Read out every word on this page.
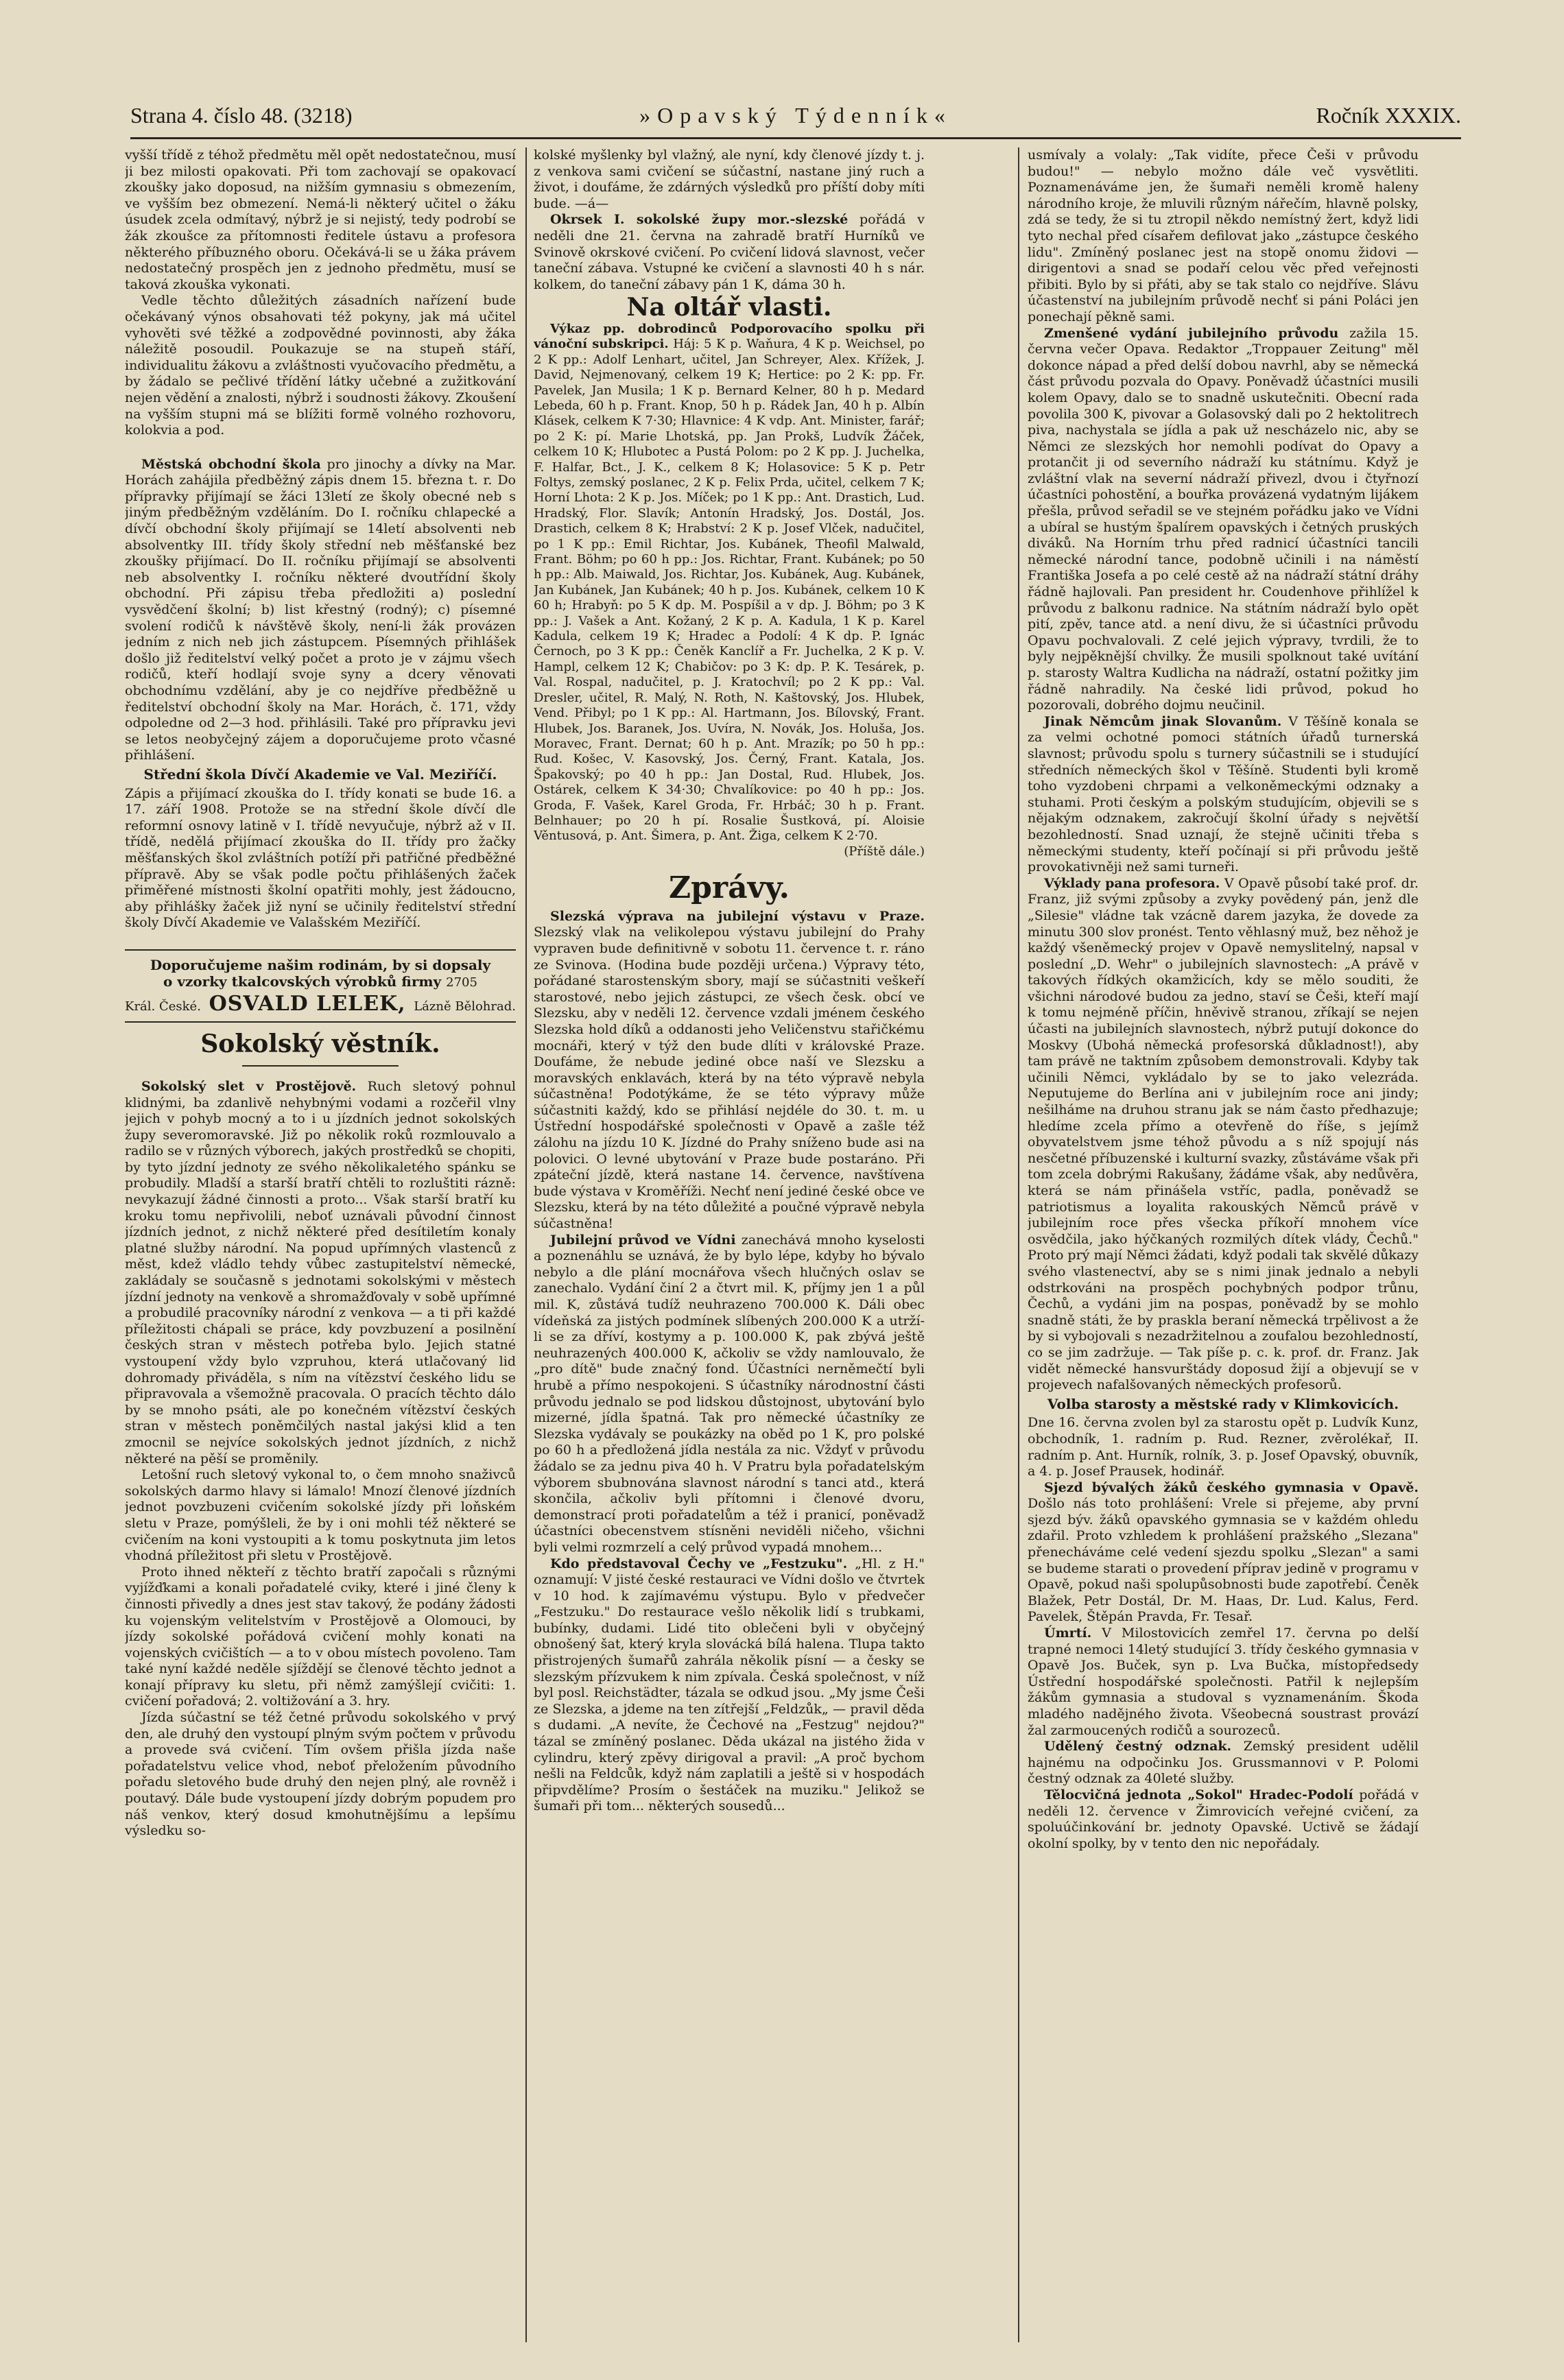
Strana 4. číslo 48. (3218)	»Opavský Týdenník«	Ročník XXXIX.

vyšší třídě z téhož předmětu měl opět nedostatečnou, musí ji bez milosti opakovati. Při tom zachovají se opakovací zkoušky jako doposud, na nižším gymnasiu s obmezením, ve vyšším bez obmezení. Nemá-li některý učitel o žáku úsudek zcela odmítavý, nýbrž je si nejistý, tedy podrobí se žák zkoušce za přítomnosti ředitele ústavu a profesora některého příbuzného oboru. Očekává-li se u žáka právem nedostatečný prospěch jen z jednoho předmětu, musí se taková zkouška vykonati.

Vedle těchto důležitých zásadních nařízení bude očekávaný výnos obsahovati též pokyny, jak má učitel vyhověti své těžké a zodpovědné povinnosti, aby žáka náležitě posoudil. Poukazuje se na stupeň stáří, individualitu žákovu a zvláštnosti vyučovacího předmětu, a by žádalo se pečlivé třídění látky učebné a zužitkování nejen vědění a znalosti, nýbrž i soudnosti žákovy. Zkoušení na vyšším stupni má se blížiti formě volného rozhovoru, kolokvia a pod.

Městská obchodní škola pro jinochy a dívky na Mar. Horách zahájila předběžný zápis dnem 15. března t. r. Do přípravky přijímají se žáci 13letí ze školy obecné neb s jiným předběžným vzděláním. Do I. ročníku chlapecké a dívčí obchodní školy přijímají se 14letí absolventi neb absolventky III. třídy školy střední neb měšťanské bez zkoušky přijímací. Do II. ročníku přijímají se absolventi neb absolventky I. ročníku některé dvoutřídní školy obchodní. Při zápisu třeba předložiti a) poslední vysvědčení školní; b) list křestný (rodný); c) písemné svolení rodičů k návštěvě školy, není-li žák provázen jedním z nich neb jich zástupcem. Písemných přihlášek došlo již ředitelství velký počet a proto je v zájmu všech rodičů, kteří hodlají svoje syny a dcery věnovati obchodnímu vzdělání, aby je co nejdříve předběžně u ředitelství obchodní školy na Mar. Horách, č. 171, vždy odpoledne od 2—3 hod. přihlásili. Také pro přípravku jevi se letos neobyčejný zájem a doporučujeme proto včasné přihlášení.

Střední škola Dívčí Akademie ve Val. Meziříčí.

Zápis a přijímací zkouška do I. třídy konati se bude 16. a 17. září 1908. Protože se na střední škole dívčí dle reformní osnovy latině v I. třídě nevyučuje, nýbrž až v II. třídě, nedělá přijímací zkouška do II. třídy pro žačky měšťanských škol zvláštních potíží při patřičné předběžné přípravě. Aby se však podle počtu přihlášených žaček přiměřené místnosti školní opatřiti mohly, jest žádoucno, aby přihlášky žaček již nyní se učinily ředitelství střední školy Dívčí Akademie ve Valašském Meziříčí.

Doporučujeme našim rodinám, by si dopsaly
o vzorky tkalcovských výrobků firmy 2705
Král. České. OSVALD LELEK, Lázně Bělohrad.
Sokolský věstník.

Sokolský slet v Prostějově. Ruch sletový pohnul klidnými, ba zdanlivě nehybnými vodami a rozčeřil vlny jejich v pohyb mocný a to i u jízdních jednot sokolských župy severomoravské. Již po několik roků rozmlouvalo a radilo se v různých výborech, jakých prostředků se chopiti, by tyto jízdní jednoty ze svého několikaletého spánku se probudily. Mladší a starší bratří chtěli to rozluštiti rázně: nevykazují žádné činnosti a proto... Však starší bratří ku kroku tomu nepřivolili, neboť uznávali původní činnost jízdních jednot, z nichž některé před desítiletím konaly platné služby národní. Na popud upřímných vlastenců z měst, kdež vládlo tehdy vůbec zastupitelství německé, zakládaly se současně s jednotami sokolskými v městech jízdní jednoty na venkově a shromažďovaly v sobě upřímné a probudilé pracovníky národní z venkova — a ti při každé příležitosti chápali se práce, kdy povzbuzení a posilnění českých stran v městech potřeba bylo. Jejich statné vystoupení vždy bylo vzpruhou, která utlačovaný lid dohromady přiváděla, s ním na vítězství českého lidu se připravovala a všemožně pracovala. O pracích těchto dálo by se mnoho psáti, ale po konečném vítězství českých stran v městech poněmčilých nastal jakýsi klid a ten zmocnil se nejvíce sokolských jednot jízdních, z nichž některé na pěší se proměnily.

Letošní ruch sletový vykonal to, o čem mnoho snaživců sokolských darmo hlavy si lámalo! Mnozí členové jízdních jednot povzbuzeni cvičením sokolské jízdy při loňském sletu v Praze, pomýšleli, že by i oni mohli též některé se cvičením na koni vystoupiti a k tomu poskytnuta jim letos vhodná příležitost při sletu v Prostějově.

Proto ihned někteří z těchto bratří započali s různými vyjížďkami a konali pořadatelé cviky, které i jiné členy k činnosti přivedly a dnes jest stav takový, že podány žádosti ku vojenským velitelstvím v Prostějově a Olomouci, by jízdy sokolské pořádová cvičení mohly konati na vojenských cvičištích — a to v obou místech povoleno. Tam také nyní každé neděle sjíždějí se členové těchto jednot a konají přípravy ku sletu, při němž zamýšlejí cvičiti: 1. cvičení pořadová; 2. voltižování a 3. hry.

Jízda súčastní se též četné průvodu sokolského v prvý den, ale druhý den vystoupí plným svým počtem v průvodu a provede svá cvičení. Tím ovšem přišla jízda naše pořadatelstvu velice vhod, neboť přeložením původního pořadu sletového bude druhý den nejen plný, ale rovněž i poutavý. Dále bude vystoupení jízdy dobrým popudem pro náš venkov, který dosud kmohutnějšímu a lepšímu výsledku so-

kolské myšlenky byl vlažný, ale nyní, kdy členové jízdy t. j. z venkova sami cvičení se súčastní, nastane jiný ruch a život, i doufáme, že zdárných výsledků pro příští doby míti bude. —á—

Okrsek I. sokolské župy mor.-slezské pořádá v neděli dne 21. června na zahradě bratří Hurníků ve Svinově okrskové cvičení. Po cvičení lidová slavnost, večer taneční zábava. Vstupné ke cvičení a slavnosti 40 h s nár. kolkem, do taneční zábavy pán 1 K, dáma 30 h.

Na oltář vlasti.

Výkaz pp. dobrodinců Podporovacího spolku při vánoční subskripci. Háj: 5 K p. Waňura, 4 K p. Weichsel, po 2 K pp.: Adolf Lenhart, učitel, Jan Schreyer, Alex. Křížek, J. David, Nejmenovaný, celkem 19 K; Hertice: po 2 K: pp. Fr. Pavelek, Jan Musila; 1 K p. Bernard Kelner, 80 h p. Medard Lebeda, 60 h p. Frant. Knop, 50 h p. Rádek Jan, 40 h p. Albín Klásek, celkem K 7·30; Hlavnice: 4 K vdp. Ant. Minister, farář; po 2 K: pí. Marie Lhotská, pp. Jan Prokš, Ludvík Žáček, celkem 10 K; Hlubotec a Pustá Polom: po 2 K pp. J. Juchelka, F. Halfar, Bct., J. K., celkem 8 K; Holasovice: 5 K p. Petr Foltys, zemský poslanec, 2 K p. Felix Prda, učitel, celkem 7 K; Horní Lhota: 2 K p. Jos. Míček; po 1 K pp.: Ant. Drastich, Lud. Hradský, Flor. Slavík; Antonín Hradský, Jos. Dostál, Jos. Drastich, celkem 8 K; Hrabství: 2 K p. Josef Vlček, nadučitel, po 1 K pp.: Emil Richtar, Jos. Kubánek, Theofil Malwald, Frant. Böhm; po 60 h pp.: Jos. Richtar, Frant. Kubánek; po 50 h pp.: Alb. Maiwald, Jos. Richtar, Jos. Kubánek, Aug. Kubánek, Jan Kubánek, Jan Kubánek; 40 h p. Jos. Kubánek, celkem 10 K 60 h; Hrabyň: po 5 K dp. M. Pospíšil a v dp. J. Böhm; po 3 K pp.: J. Vašek a Ant. Kožaný, 2 K p. A. Kadula, 1 K p. Karel Kadula, celkem 19 K; Hradec a Podolí: 4 K dp. P. Ignác Černoch, po 3 K pp.: Čeněk Kanclíř a Fr. Juchelka, 2 K p. V. Hampl, celkem 12 K; Chabičov: po 3 K: dp. P. K. Tesárek, p. Val. Rospal, nadučitel, p. J. Kratochvíl; po 2 K pp.: Val. Dresler, učitel, R. Malý, N. Roth, N. Kaštovský, Jos. Hlubek, Vend. Přibyl; po 1 K pp.: Al. Hartmann, Jos. Bílovský, Frant. Hlubek, Jos. Baranek, Jos. Uvíra, N. Novák, Jos. Holuša, Jos. Moravec, Frant. Dernat; 60 h p. Ant. Mrazík; po 50 h pp.: Rud. Košec, V. Kasovský, Jos. Černý, Frant. Katala, Jos. Špakovský; po 40 h pp.: Jan Dostal, Rud. Hlubek, Jos. Ostárek, celkem K 34·30; Chvalíkovice: po 40 h pp.: Jos. Groda, F. Vašek, Karel Groda, Fr. Hrbáč; 30 h p. Frant. Belnhauer; po 20 h pí. Rosalie Šustková, pí. Aloisie Věntusová, p. Ant. Šimera, p. Ant. Žiga, celkem K 2·70.

(Příště dále.)
Zprávy.

Slezská výprava na jubilejní výstavu v Praze. Slezský vlak na velikolepou výstavu jubilejní do Prahy vypraven bude definitivně v sobotu 11. července t. r. ráno ze Svinova. (Hodina bude později určena.) Výpravy této, pořádané starostenským sbory, mají se súčastniti veškeří starostové, nebo jejich zástupci, ze všech česk. obcí ve Slezsku, aby v neděli 12. července vzdali jménem českého Slezska hold díků a oddanosti jeho Veličenstvu stařičkému mocnáři, který v týž den bude dlíti v královské Praze. Doufáme, že nebude jediné obce naší ve Slezsku a moravských enklavách, která by na této výpravě nebyla súčastněna! Podotýkáme, že se této výpravy může súčastniti každý, kdo se přihlásí nejdéle do 30. t. m. u Ústřední hospodářské společnosti v Opavě a zašle též zálohu na jízdu 10 K. Jízdné do Prahy sníženo bude asi na polovici. O levné ubytování v Praze bude postaráno. Při zpáteční jízdě, která nastane 14. července, navštívena bude výstava v Kroměříži. Nechť není jediné české obce ve Slezsku, která by na této důležité a poučné výpravě nebyla súčastněna!

Jubilejní průvod ve Vídni zanechává mnoho kyselosti a poznenáhlu se uznává, že by bylo lépe, kdyby ho bývalo nebylo a dle plání mocnářova všech hlučných oslav se zanechalo. Vydání činí 2 a čtvrt mil. K, příjmy jen 1 a půl mil. K, zůstává tudíž neuhrazeno 700.000 K. Dáli obec vídeňská za jistých podmínek slíbených 200.000 K a utrží-li se za dříví, kostymy a p. 100.000 K, pak zbývá ještě neuhrazených 400.000 K, ačkoliv se vždy namlouvalo, že „pro dítě" bude značný fond. Účastníci nerněmečtí byli hrubě a přímo nespokojeni. S účastníky národnostní části průvodu jednalo se pod lidskou důstojnost, ubytování bylo mizerné, jídla špatná. Tak pro německé účastníky ze Slezska vydávaly se poukázky na oběd po 1 K, pro polské po 60 h a předložená jídla nestála za nic. Vždyť v průvodu žádalo se za jednu piva 40 h. V Pratru byla pořadatelským výborem sbubnována slavnost národní s tanci atd., která skončila, ačkoliv byli přítomni i členové dvoru, demonstrací proti pořadatelům a též i pranicí, poněvadž účastníci obecenstvem stísněni neviděli ničeho, všichni byli velmi rozmrzelí a celý průvod vypadá mnohem...

Kdo představoval Čechy ve „Festzuku". „Hl. z H." oznamují: V jisté české restauraci ve Vídni došlo ve čtvrtek v 10 hod. k zajímavému výstupu. Bylo v předvečer „Festzuku." Do restaurace vešlo několik lidí s trubkami, bubínky, dudami. Lidé tito oblečeni byli v obyčejný obnošený šat, který kryla slovácká bílá halena. Tlupa takto přistrojených šumařů zahrála několik písní — a česky se slezským přízvukem k nim zpívala. Česká společnost, v níž byl posl. Reichstädter, tázala se odkud jsou. „My jsme Češi ze Slezska, a jdeme na ten zítřejší „Feldzůk„ — pravil děda s dudami. „A nevíte, že Čechové na „Festzug" nejdou?" tázal se zmíněný poslanec. Děda ukázal na jistého žida v cylindru, který zpěvy dirigoval a pravil: „A proč bychom nešli na Feldcůk, když nám zaplatili a ještě si v hospodách připvdělíme? Prosím o šestáček na muziku." Jelikož se šumaři při tom... některých sousedů...

usmívaly a volaly: „Tak vidíte, přece Češi v průvodu budou!" — nebylo možno dále več vysvětliti. Poznamenáváme jen, že šumaři neměli kromě haleny národního kroje, že mluvili různým nářečím, hlavně polsky, zdá se tedy, že si tu ztropil někdo nemístný žert, když lidi tyto nechal před císařem defilovat jako „zástupce českého lidu". Zmíněný poslanec jest na stopě onomu židovi — dirigentovi a snad se podaří celou věc před veřejnosti přibiti. Bylo by si přáti, aby se tak stalo co nejdříve. Slávu účastenství na jubilejním průvodě nechť si páni Poláci jen ponechají pěkně sami.

Zmenšené vydání jubilejního průvodu zažila 15. června večer Opava. Redaktor „Troppauer Zeitung" měl dokonce nápad a před delší dobou navrhl, aby se německá část průvodu pozvala do Opavy. Poněvadž účastníci musili kolem Opavy, dalo se to snadně uskutečniti. Obecní rada povolila 300 K, pivovar a Golasovský dali po 2 hektolitrech piva, nachystala se jídla a pak už nescházelo nic, aby se Němci ze slezských hor nemohli podívat do Opavy a protančit ji od severního nádraží ku státnímu. Když je zvláštní vlak na severní nádraží přivezl, dvou i čtyřnozí účastníci pohostění, a bouřka provázená vydatným lijákem přešla, průvod seřadil se ve stejném pořádku jako ve Vídni a ubíral se hustým špalírem opavských i četných pruských diváků. Na Horním trhu před radnicí účastníci tancili německé národní tance, podobně učinili i na náměstí Františka Josefa a po celé cestě až na nádraží státní dráhy řádně hajlovali. Pan president hr. Coudenhove přihlížel k průvodu z balkonu radnice. Na státním nádraží bylo opět pití, zpěv, tance atd. a není divu, že si účastníci průvodu Opavu pochvalovali. Z celé jejich výpravy, tvrdili, že to byly nejpěknější chvilky. Že musili spolknout také uvítání p. starosty Waltra Kudlicha na nádraží, ostatní požitky jim řádně nahradily. Na české lidi průvod, pokud ho pozorovali, dobrého dojmu neučinil.

Jinak Němcům jinak Slovanům. V Těšíně konala se za velmi ochotné pomoci státních úřadů turnerská slavnost; průvodu spolu s turnery súčastnili se i studující středních německých škol v Těšíně. Studenti byli kromě toho vyzdobeni chrpami a velkoněmeckými odznaky a stuhami. Proti českým a polským studujícím, objevili se s nějakým odznakem, zakročují školní úřady s největší bezohledností. Snad uznají, že stejně učiniti třeba s německými studenty, kteří počínají si při průvodu ještě provokativněji než sami turneři.

Výklady pana profesora. V Opavě působí také prof. dr. Franz, již svými způsoby a zvyky povědený pán, jenž dle „Silesie" vládne tak vzácně darem jazyka, že dovede za minutu 300 slov pronést. Tento věhlasný muž, bez něhož je každý všeněmecký projev v Opavě nemyslitelný, napsal v poslední „D. Wehr" o jubilejních slavnostech: „A právě v takových řídkých okamžicích, kdy se mělo souditi, že všichni národové budou za jedno, staví se Češi, kteří mají k tomu nejméně příčin, hněvivě stranou, zříkají se nejen účasti na jubilejních slavnostech, nýbrž putují dokonce do Moskvy (Ubohá německá profesorská důkladnost!), aby tam právě ne taktním způsobem demonstrovali. Kdyby tak učinili Němci, vykládalo by se to jako velezráda. Neputujeme do Berlína ani v jubilejním roce ani jindy; nešilháme na druhou stranu jak se nám často předhazuje; hledíme zcela přímo a otevřeně do říše, s jejímž obyvatelstvem jsme téhož původu a s níž spojují nás nesčetné příbuzenské i kulturní svazky, zůstáváme však při tom zcela dobrými Rakušany, žádáme však, aby nedůvěra, která se nám přinášela vstříc, padla, poněvadž se patriotismus a loyalita rakouských Němců právě v jubilejním roce přes všecka příkoří mnohem více osvědčila, jako hýčkaných rozmilých dítek vlády, Čechů." Proto prý mají Němci žádati, když podali tak skvělé důkazy svého vlastenectví, aby se s nimi jinak jednalo a nebyli odstrkováni na prospěch pochybných podpor trůnu, Čechů, a vydáni jim na pospas, poněvadž by se mohlo snadně státi, že by praskla beraní německá trpělivost a že by si vybojovali s nezadržitelnou a zoufalou bezohledností, co se jim zadržuje. — Tak píše p. c. k. prof. dr. Franz. Jak vidět německé hansvurštády doposud žijí a objevují se v projevech nafalšovaných německých profesorů.

Volba starosty a městské rady v Klimkovicích.

Dne 16. června zvolen byl za starostu opět p. Ludvík Kunz, obchodník, 1. radním p. Rud. Rezner, zvěrolékař, II. radním p. Ant. Hurník, rolník, 3. p. Josef Opavský, obuvník, a 4. p. Josef Prausek, hodinář.

Sjezd bývalých žáků českého gymnasia v Opavě. Došlo nás toto prohlášení: Vrele si přejeme, aby první sjezd býv. žáků opavského gymnasia se v každém ohledu zdařil. Proto vzhledem k prohlášení pražského „Slezana" přenecháváme celé vedení sjezdu spolku „Slezan" a sami se budeme starati o provedení příprav jedině v programu v Opavě, pokud naši spolupůsobnosti bude zapotřebí. Čeněk Blažek, Petr Dostál, Dr. M. Haas, Dr. Lud. Kalus, Ferd. Pavelek, Štěpán Pravda, Fr. Tesař.

Úmrtí. V Milostovicích zemřel 17. června po delší trapné nemoci 14letý studující 3. třídy českého gymnasia v Opavě Jos. Buček, syn p. Lva Bučka, místopředsedy Ústřední hospodářské společnosti. Patřil k nejlepším žákům gymnasia a studoval s vyznamenáním. Škoda mladého nadějného života. Všeobecná soustrast provází žal zarmoucených rodičů a sourozeců.

Udělený čestný odznak. Zemský president udělil hajnému na odpočinku Jos. Grussmannovi v P. Polomi čestný odznak za 40leté služby.

Tělocvičná jednota „Sokol" Hradec-Podolí pořádá v neděli 12. července v Žimrovicích veřejné cvičení, za spoluúčinkování br. jednoty Opavské. Uctivě se žádají okolní spolky, by v tento den nic nepořádaly.
